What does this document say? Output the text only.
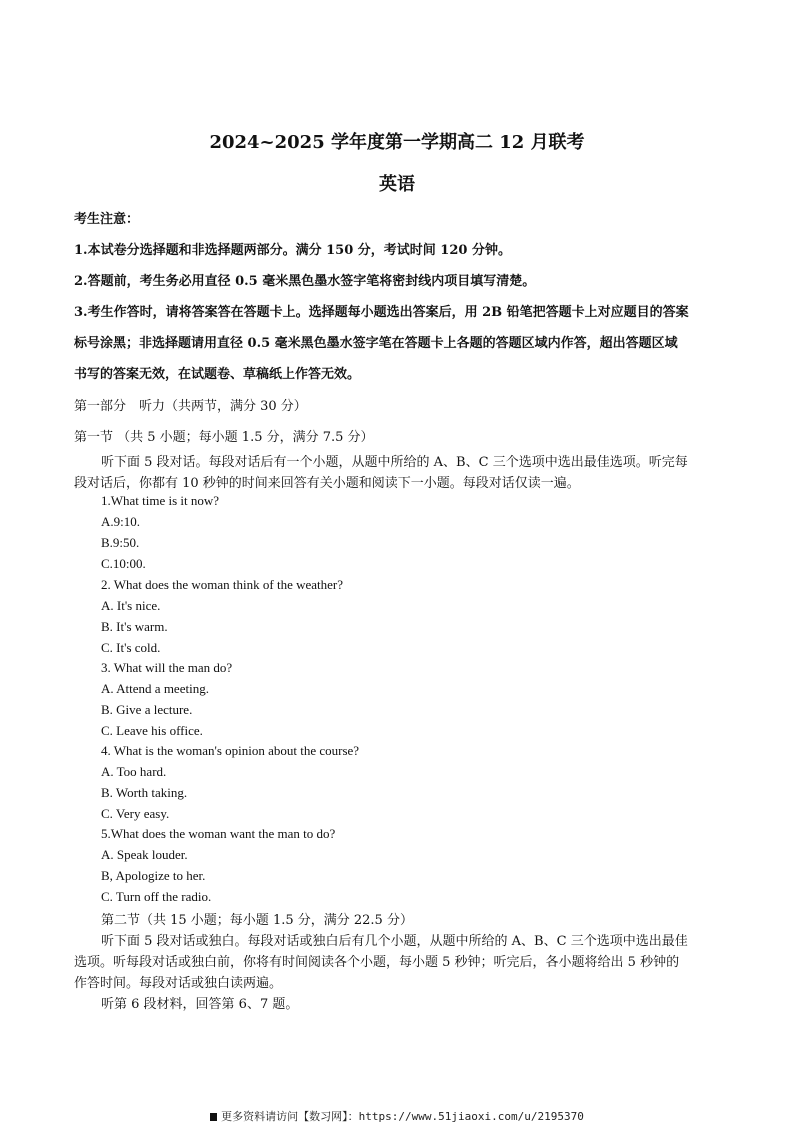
2024~2025 学年度第一学期高二 12 月联考
英语
考生注意：
1.本试卷分选择题和非选择题两部分。满分 150 分，考试时间 120 分钟。
2.答题前，考生务必用直径 0.5 毫米黑色墨水签字笔将密封线内项目填写清楚。
3.考生作答时，请将答案答在答题卡上。选择题每小题选出答案后，用 2B 铅笔把答题卡上对应题目的答案
标号涂黑；非选择题请用直径 0.5 毫米黑色墨水签字笔在答题卡上各题的答题区域内作答，超出答题区域
书写的答案无效，在试题卷、草稿纸上作答无效。
第一部分　听力（共两节，满分 30 分）
第一节 （共 5 小题；每小题 1.5 分，满分 7.5 分）
听下面 5 段对话。每段对话后有一个小题，从题中所给的 A、B、C 三个选项中选出最佳选项。听完每
段对话后，你都有 10 秒钟的时间来回答有关小题和阅读下一小题。每段对话仅读一遍。
1.What time is it now?
A.9:10.
B.9:50.
C.10:00.
2. What does the woman think of the weather?
A. It's nice.
B. It's warm.
C. It's cold.
3. What will the man do?
A. Attend a meeting.
B. Give a lecture.
C. Leave his office.
4. What is the woman's opinion about the course?
A. Too hard.
B. Worth taking.
C. Very easy.
5.What does the woman want the man to do?
A. Speak louder.
B, Apologize to her.
C. Turn off the radio.
第二节（共 15 小题；每小题 1.5 分，满分 22.5 分）
听下面 5 段对话或独白。每段对话或独白后有几个小题，从题中所给的 A、B、C 三个选项中选出最佳
选项。听每段对话或独白前，你将有时间阅读各个小题，每小题 5 秒钟；听完后，各小题将给出 5 秒钟的
作答时间。每段对话或独白读两遍。
听第 6 段材料，回答第 6、7 题。
更多资料请访问【数习网】：https://www.51jiaoxi.com/u/2195370
